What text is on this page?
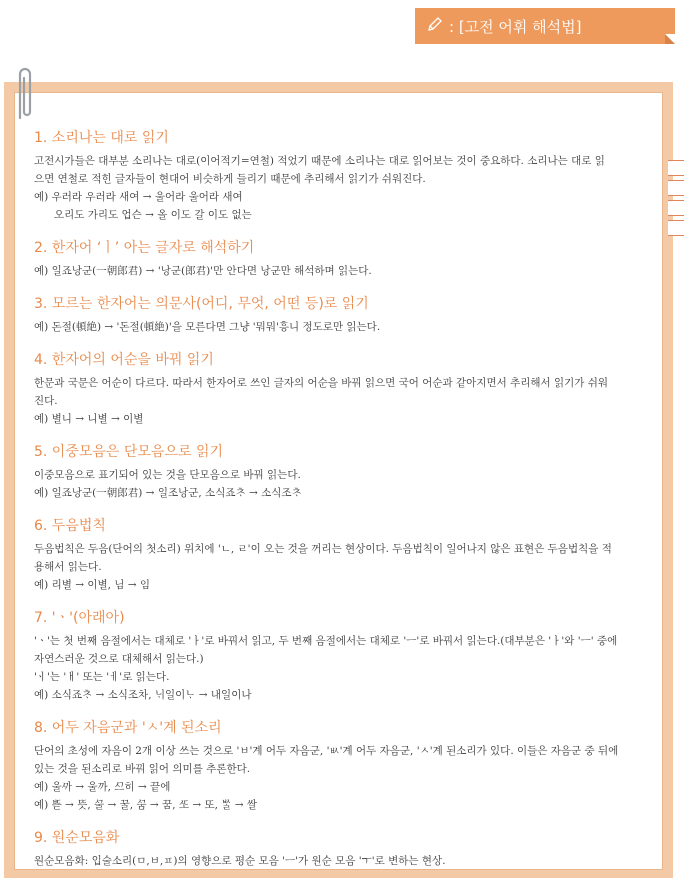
: [고전 어휘 해석법]
1. 소리나는 대로 읽기

고전시가들은 대부분 소리나는 대로(이어적기=연철) 적었기 때문에 소리나는 대로 읽어보는 것이 중요하다. 소리나는 대로 읽

으면 연철로 적힌 글자들이 현대어 비슷하게 들리기 때문에 추리해서 읽기가 쉬워진다.

예) 우러라 우러라 새여 → 울어라 울어라 새여

오리도 가리도 업슨 → 올 이도 갈 이도 없는

2. 한자어 ‘ㅣ’ 아는 글자로 해석하기

예) 일죠낭군(一朝郎君) → '낭군(郎君)'만 안다면 낭군만 해석하며 읽는다.

3. 모르는 한자어는 의문사(어디, 무엇, 어떤 등)로 읽기

예) 돈절(頓絶) → '돈절(頓絶)'을 모른다면 그냥 '뭐뭐'흥니 정도로만 읽는다.

4. 한자어의 어순을 바꿔 읽기

한문과 국문은 어순이 다르다. 따라서 한자어로 쓰인 글자의 어순을 바꿔 읽으면 국어 어순과 같아지면서 추리해서 읽기가 쉬워

진다.

예) 별니 → 니별 → 이별

5. 이중모음은 단모음으로 읽기

이중모음으로 표기되어 있는 것을 단모음으로 바꿔 읽는다.

예) 일죠낭군(一朝郎君) → 일조낭군, 소식죠ᄎᆞ → 소식조ᄎᆞ

6. 두음법칙

두음법칙은 두음(단어의 첫소리) 위치에 'ㄴ, ㄹ'이 오는 것을 꺼리는 현상이다. 두음법칙이 일어나지 않은 표현은 두음법칙을 적

용해서 읽는다.

예) 리별 → 이별, 님 → 임

7. 'ㆍ'(아래아)

'ㆍ'는 첫 번째 음절에서는 대체로 'ㅏ'로 바꿔서 읽고, 두 번째 음절에서는 대체로 'ㅡ'로 바꿔서 읽는다.(대부분은 'ㅏ'와 'ㅡ' 중에

자연스러운 것으로 대체해서 읽는다.)

'ㆎ'는 'ㅐ' 또는 'ㅔ'로 읽는다.

예) 소식죠ᄎᆞ → 소식조차, ᄂᆡ일이ᄂᆞ → 내일이나

8. 어두 자음군과 'ㅅ'계 된소리

단어의 초성에 자음이 2개 이상 쓰는 것으로 'ㅂ'계 어두 자음군, 'ㅄ'계 어두 자음군, 'ㅅ'계 된소리가 있다. 이들은 자음군 중 뒤에

있는 것을 된소리로 바꿔 읽어 의미를 추론한다.

예) 울ᄭᅡ → 울까, ᄭᅳ히 → 끝에

예) ᄠᅳᆮ → 뜻, ᄭᅮᆯ → 꿀, ᄭᅮᆷ → 꿈, ᄯᅩ → 또, ᄡᆞᆯ → 쌀

9. 원순모음화

원순모음화: 입술소리(ㅁ,ㅂ,ㅍ)의 영향으로 평순 모음 'ㅡ'가 원순 모음 'ㅜ'로 변하는 현상.
